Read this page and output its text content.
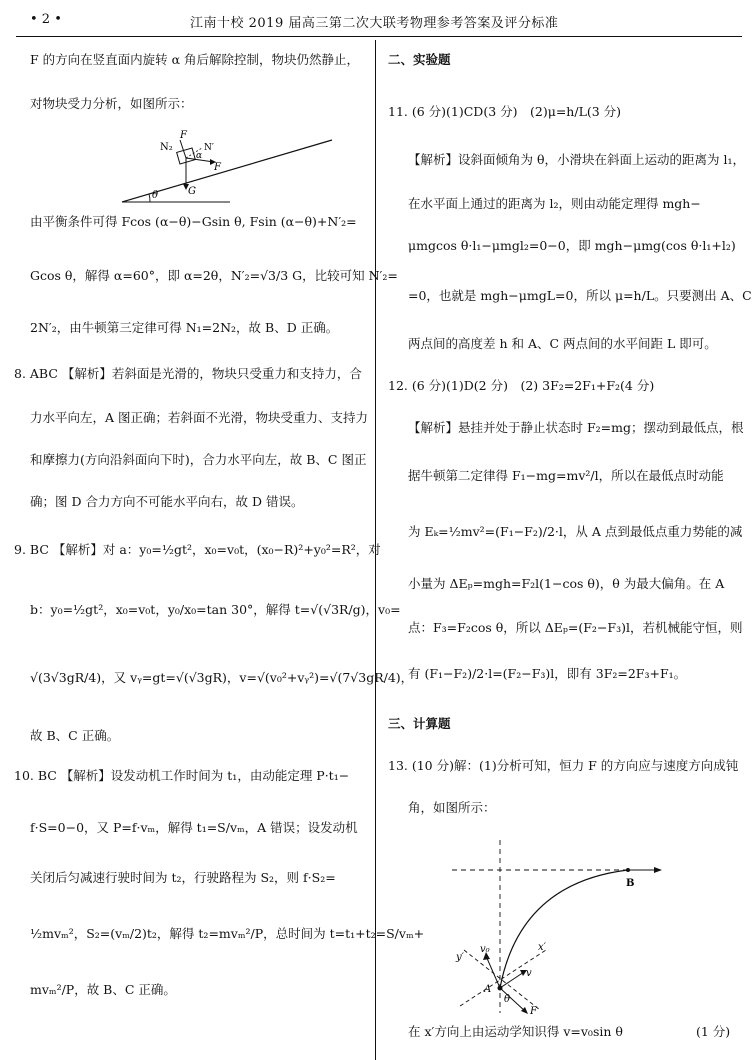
• 2 •	江南十校 2019 届高三第二次大联考物理参考答案及评分标准
F 的方向在竖直面内旋转 α 角后解除控制，物块仍然静止，
对物块受力分析，如图所示：
N₂
F
α
N′
F
θ	G
由平衡条件可得 Fcos (α−θ)−Gsin θ, Fsin (α−θ)+N′₂=
Gcos θ，解得 α=60°，即 α=2θ，N′₂=√3/3 G，比较可知 N′₂=
2N′₂，由牛顿第三定律可得 N₁=2N₂，故 B、D 正确。
8. ABC 【解析】若斜面是光滑的，物块只受重力和支持力，合
力水平向左，A 图正确；若斜面不光滑，物块受重力、支持力
和摩擦力(方向沿斜面向下时)，合力水平向左，故 B、C 图正
确；图 D 合力方向不可能水平向右，故 D 错误。
9. BC 【解析】对 a：y₀=½gt²，x₀=v₀t，(x₀−R)²+y₀²=R²，对
b：y₀=½gt²，x₀=v₀t，y₀/x₀=tan 30°，解得 t=√(√3R/g)，v₀=
√(3√3gR/4)，又 vᵧ=gt=√(√3gR)，v=√(v₀²+vᵧ²)=√(7√3gR/4)，
故 B、C 正确。
10. BC 【解析】设发动机工作时间为 t₁，由动能定理 P·t₁−
f·S=0−0，又 P=f·vₘ，解得 t₁=S/vₘ，A 错误；设发动机
关闭后匀减速行驶时间为 t₂，行驶路程为 S₂，则 f·S₂=
½mvₘ²，S₂=(vₘ/2)t₂，解得 t₂=mvₘ²/P，总时间为 t=t₁+t₂=S/vₘ+
mvₘ²/P，故 B、C 正确。
二、实验题
11. (6 分)(1)CD(3 分)　(2)μ=h/L(3 分)
【解析】设斜面倾角为 θ，小滑块在斜面上运动的距离为 l₁，
在水平面上通过的距离为 l₂，则由动能定理得 mgh−
μmgcos θ·l₁−μmgl₂=0−0，即 mgh−μmg(cos θ·l₁+l₂)
=0，也就是 mgh−μmgL=0，所以 μ=h/L。只要测出 A、C
两点间的高度差 h 和 A、C 两点间的水平间距 L 即可。
12. (6 分)(1)D(2 分)　(2) 3F₂=2F₁+F₂(4 分)
【解析】悬挂并处于静止状态时 F₂=mg；摆动到最低点，根
据牛顿第二定律得 F₁−mg=mv²/l，所以在最低点时动能
为 Eₖ=½mv²=(F₁−F₂)/2·l，从 A 点到最低点重力势能的减
小量为 ΔEₚ=mgh=F₂l(1−cos θ)，θ 为最大偏角。在 A
点：F₃=F₂cos θ，所以 ΔEₚ=(F₂−F₃)l，若机械能守恒，则
有 (F₁−F₂)/2·l=(F₂−F₃)l，即有 3F₂=2F₃+F₁。
三、计算题
13. (10 分)解：(1)分析可知，恒力 F 的方向应与速度方向成钝
角，如图所示：
B
A
y′
x′
v₀
v
θ
F
在 x′方向上由运动学知识得 v=v₀sin θ	(1 分)
